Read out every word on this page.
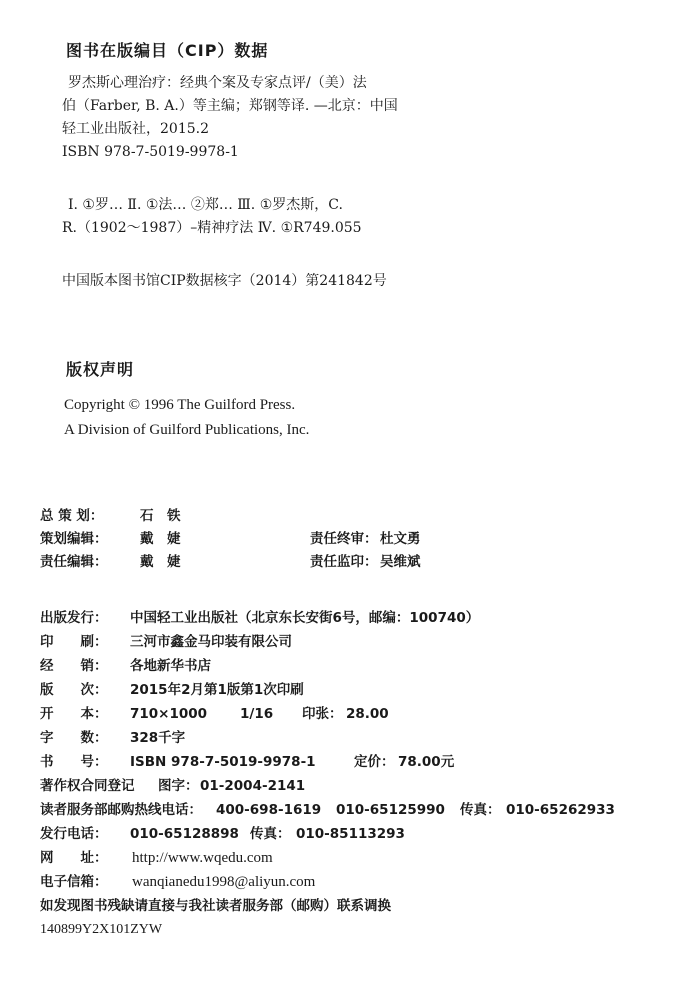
图书在版编目（CIP）数据
罗杰斯心理治疗：经典个案及专家点评/（美）法
伯（Farber, B. A.）等主编；郑钢等译. —北京：中国
轻工业出版社，2015.2
ISBN 978-7-5019-9978-1
Ⅰ. ①罗… Ⅱ. ①法… ②郑… Ⅲ. ①罗杰斯，C.
R.（1902～1987）–精神疗法 Ⅳ. ①R749.055
中国版本图书馆CIP数据核字（2014）第241842号
版权声明
Copyright © 1996 The Guilford Press.
A Division of Guilford Publications, Inc.
总 策 划：	石　铁
策划编辑： 戴　婕	责任终审： 杜文勇
责任编辑： 戴　婕	责任监印： 吴维斌
出版发行： 中国轻工业出版社（北京东长安街6号，邮编：100740）
印　　刷： 三河市鑫金马印装有限公司
经　　销： 各地新华书店
版　　次： 2015年2月第1版第1次印刷
开　　本： 710×1000 1/16 印张： 28.00
字　　数： 328千字
书　　号： ISBN 978-7-5019-9978-1	定价： 78.00元
著作权合同登记 图字： 01-2004-2141
读者服务部邮购热线电话： 400-698-1619 010-65125990 传真： 010-65262933
发行电话： 010-65128898 传真： 010-85113293
网　　址： http://www.wqedu.com
电子信箱： wanqianedu1998@aliyun.com
如发现图书残缺请直接与我社读者服务部（邮购）联系调换
140899Y2X101ZYW
